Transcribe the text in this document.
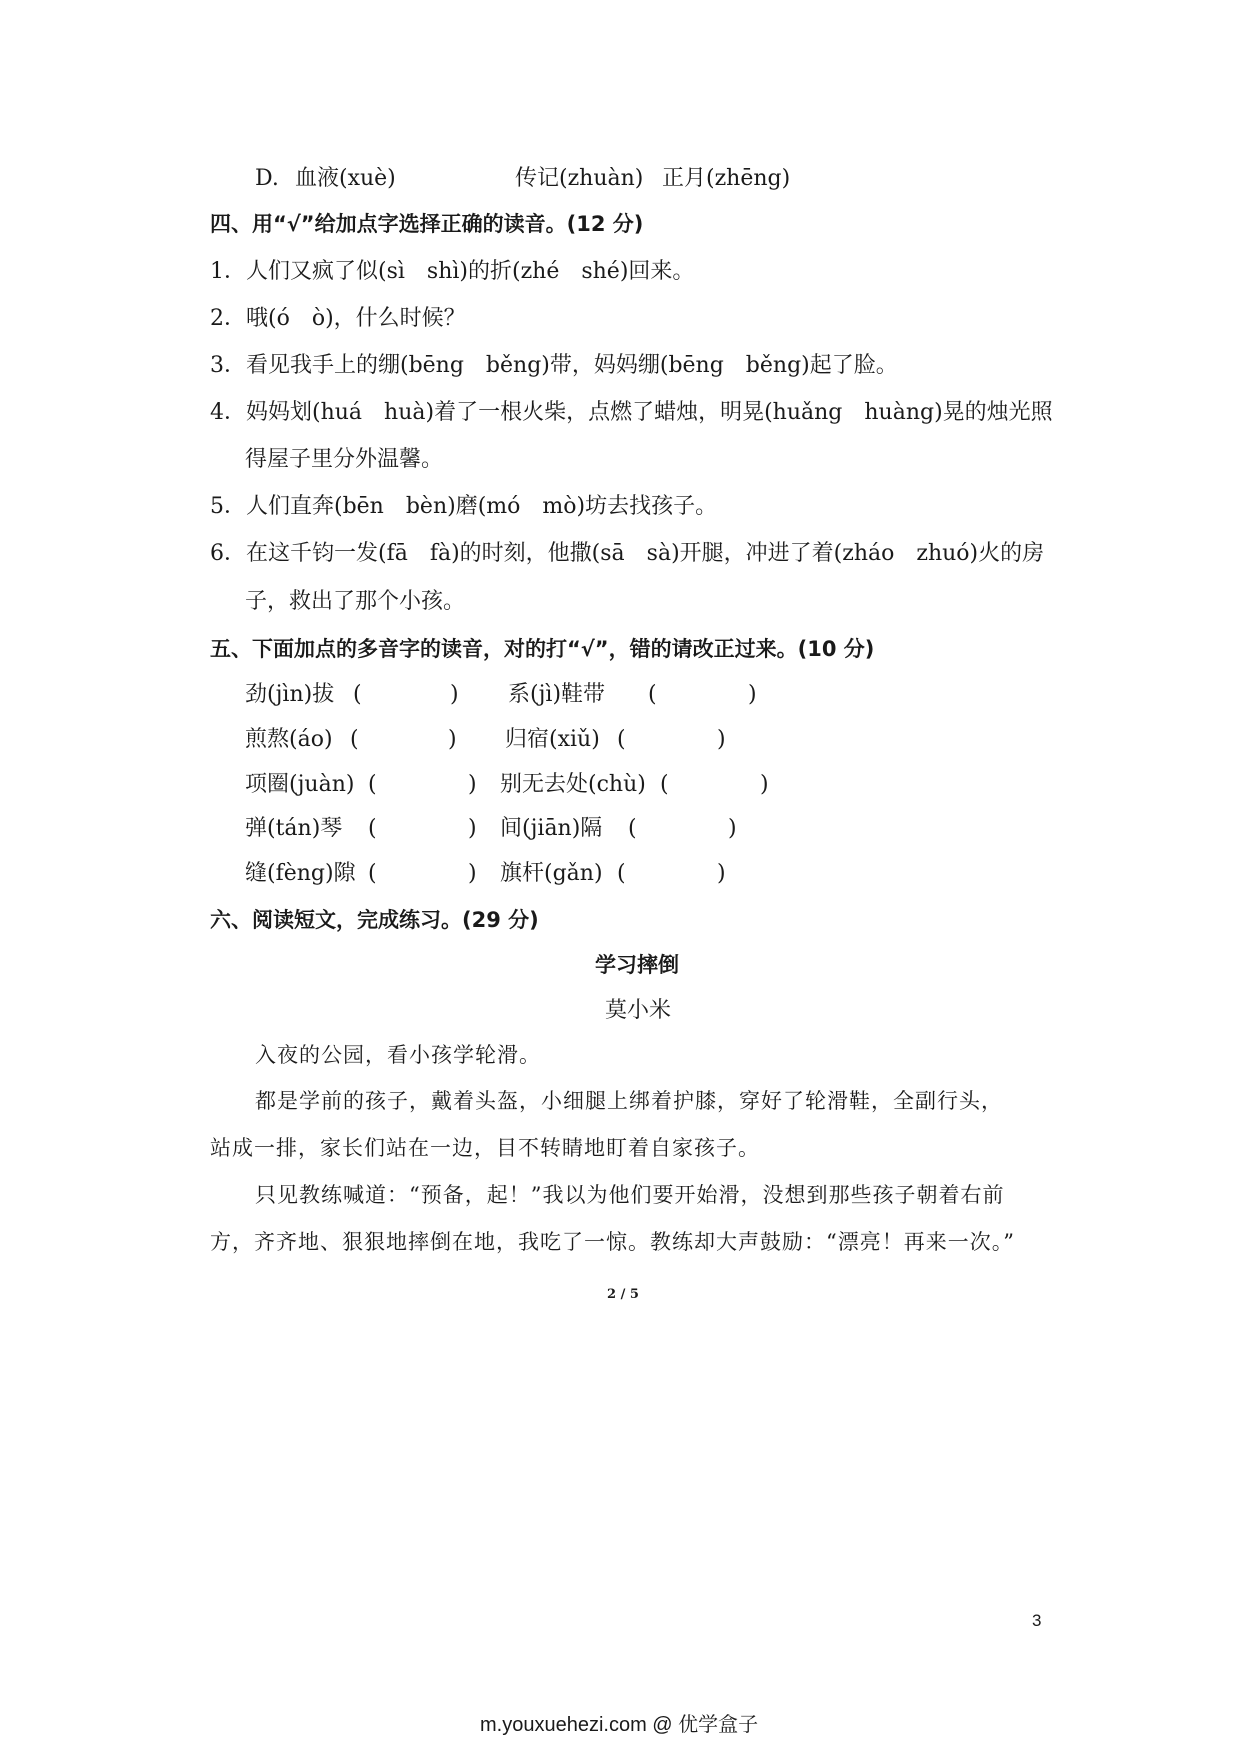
D. 血液(xuè)	传记(zhuàn) 正月(zhēng)
四、用“√”给加点字选择正确的读音。(12 分)
1．人们又疯了似(sì　shì)的折(zhé　shé)回来。
2．哦(ó　ò)，什么时候？
3．看见我手上的绷(bēng　běng)带，妈妈绷(bēng　běng)起了脸。
4．妈妈划(huá　huà)着了一根火柴，点燃了蜡烛，明晃(huǎng　huàng)晃的烛光照
得屋子里分外温馨。
5．人们直奔(bēn　bèn)磨(mó　mò)坊去找孩子。
6．在这千钧一发(fā　fà)的时刻，他撒(sā　sà)开腿，冲进了着(zháo　zhuó)火的房
子，救出了那个小孩。
五、下面加点的多音字的读音，对的打“√”，错的请改正过来。(10 分)
劲(jìn)拔 (	) 系(jì)鞋带 (	)
煎熬(áo) (	) 归宿(xiǔ) (	)
项圈(juàn) (	) 别无去处(chù) (	)
弹(tán)琴 (	) 间(jiān)隔 (	)
缝(fèng)隙 (	) 旗杆(gǎn) (	)
六、阅读短文，完成练习。(29 分)
学习摔倒
莫小米
入夜的公园，看小孩学轮滑。
都是学前的孩子，戴着头盔，小细腿上绑着护膝，穿好了轮滑鞋，全副行头，
站成一排，家长们站在一边，目不转睛地盯着自家孩子。
只见教练喊道：“预备，起！”我以为他们要开始滑，没想到那些孩子朝着右前
方，齐齐地、狠狠地摔倒在地，我吃了一惊。教练却大声鼓励：“漂亮！再来一次。”
2 / 5
3
m.youxuehezi.com @ 优学盒子
